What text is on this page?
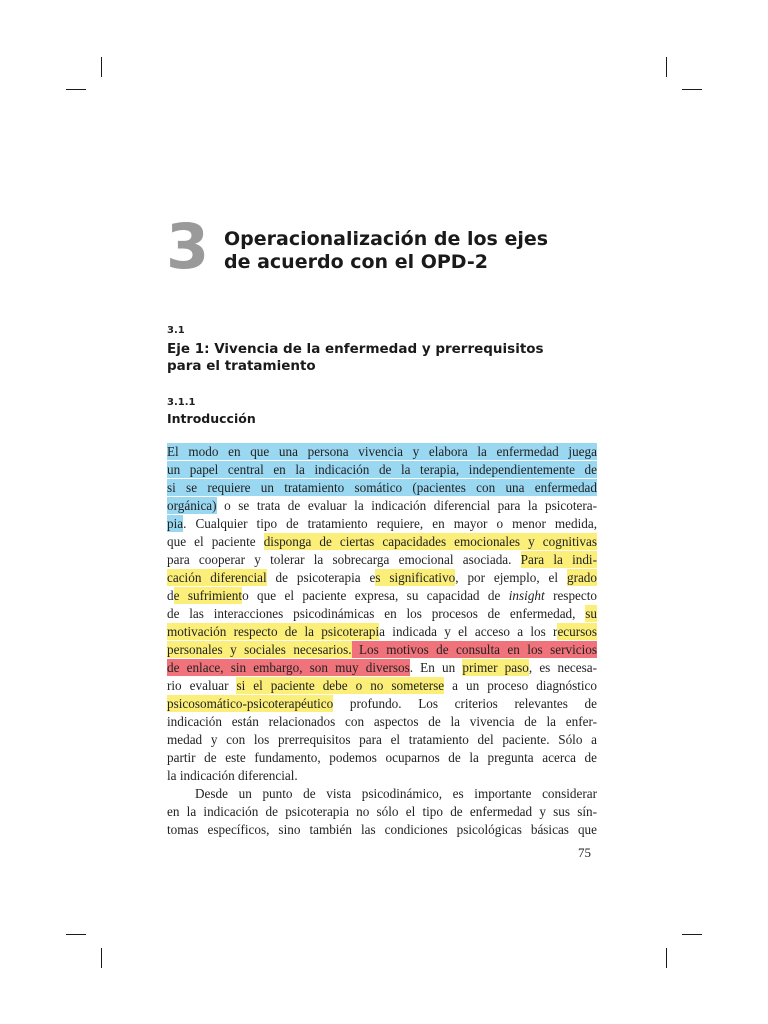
3 Operacionalización de los ejes
de acuerdo con el OPD-2
3.1
Eje 1: Vivencia de la enfermedad y prerrequisitos
para el tratamiento
3.1.1
Introducción
El modo en que una persona vivencia y elabora la enfermedad juega
un papel central en la indicación de la terapia, independientemente de
si se requiere un tratamiento somático (pacientes con una enfermedad
orgánica) o se trata de evaluar la indicación diferencial para la psicotera-
pia. Cualquier tipo de tratamiento requiere, en mayor o menor medida,
que el paciente disponga de ciertas capacidades emocionales y cognitivas
para cooperar y tolerar la sobrecarga emocional asociada. Para la indi-
cación diferencial de psicoterapia es significativo, por ejemplo, el grado
de sufrimiento que el paciente expresa, su capacidad de insight respecto
de las interacciones psicodinámicas en los procesos de enfermedad, su
motivación respecto de la psicoterapia indicada y el acceso a los recursos
personales y sociales necesarios. Los motivos de consulta en los servicios
de enlace, sin embargo, son muy diversos. En un primer paso, es necesa-
rio evaluar si el paciente debe o no someterse a un proceso diagnóstico
psicosomático-psicoterapéutico profundo. Los criterios relevantes de
indicación están relacionados con aspectos de la vivencia de la enfer-
medad y con los prerrequisitos para el tratamiento del paciente. Sólo a
partir de este fundamento, podemos ocuparnos de la pregunta acerca de
la indicación diferencial.
Desde un punto de vista psicodinámico, es importante considerar
en la indicación de psicoterapia no sólo el tipo de enfermedad y sus sín-
tomas específicos, sino también las condiciones psicológicas básicas que
75
